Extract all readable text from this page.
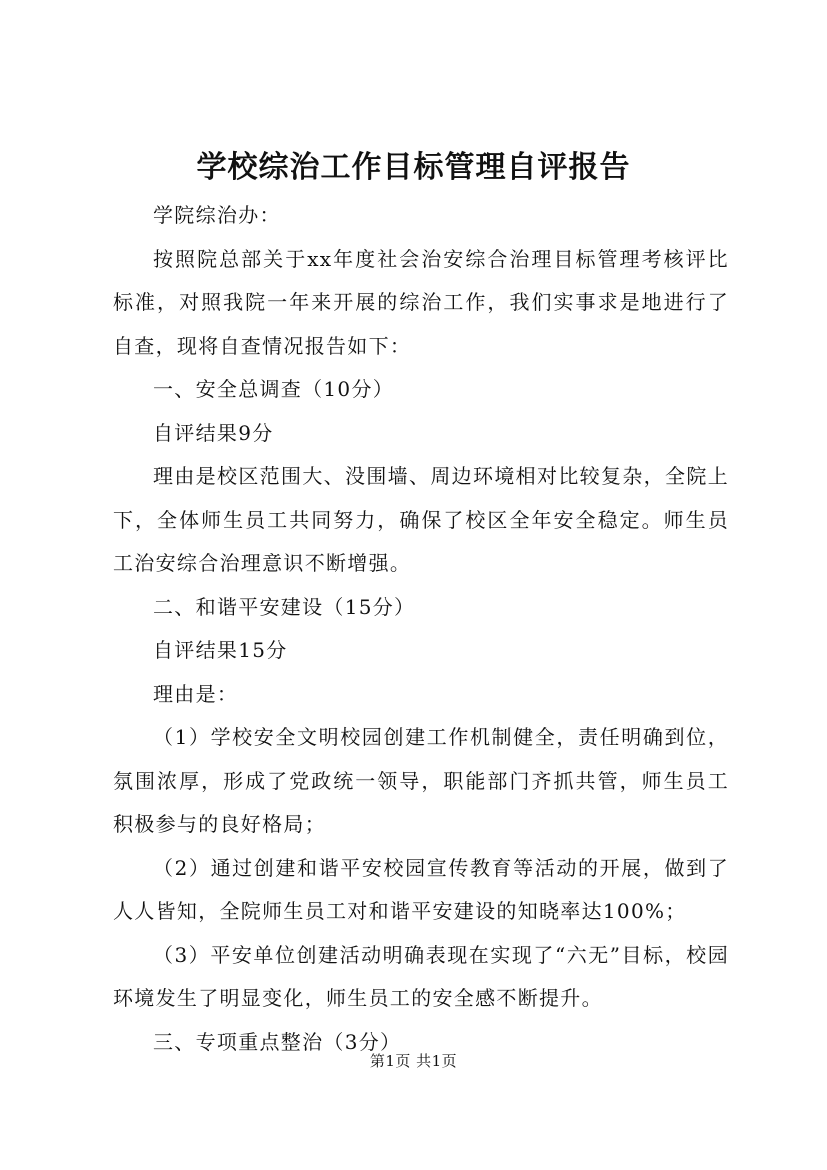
学校综治工作目标管理自评报告

学院综治办：

按照院总部关于xx年度社会治安综合治理目标管理考核评比标准，对照我院一年来开展的综治工作，我们实事求是地进行了自查，现将自查情况报告如下：

一、安全总调查（10分）

自评结果9分

理由是校区范围大、没围墙、周边环境相对比较复杂，全院上下，全体师生员工共同努力，确保了校区全年安全稳定。师生员工治安综合治理意识不断增强。

二、和谐平安建设（15分）

自评结果15分

理由是：

（1）学校安全文明校园创建工作机制健全，责任明确到位，氛围浓厚，形成了党政统一领导，职能部门齐抓共管，师生员工积极参与的良好格局；

（2）通过创建和谐平安校园宣传教育等活动的开展，做到了人人皆知，全院师生员工对和谐平安建设的知晓率达100%；

（3）平安单位创建活动明确表现在实现了“六无”目标，校园环境发生了明显变化，师生员工的安全感不断提升。

三、专项重点整治（3分）

第1页 共1页
